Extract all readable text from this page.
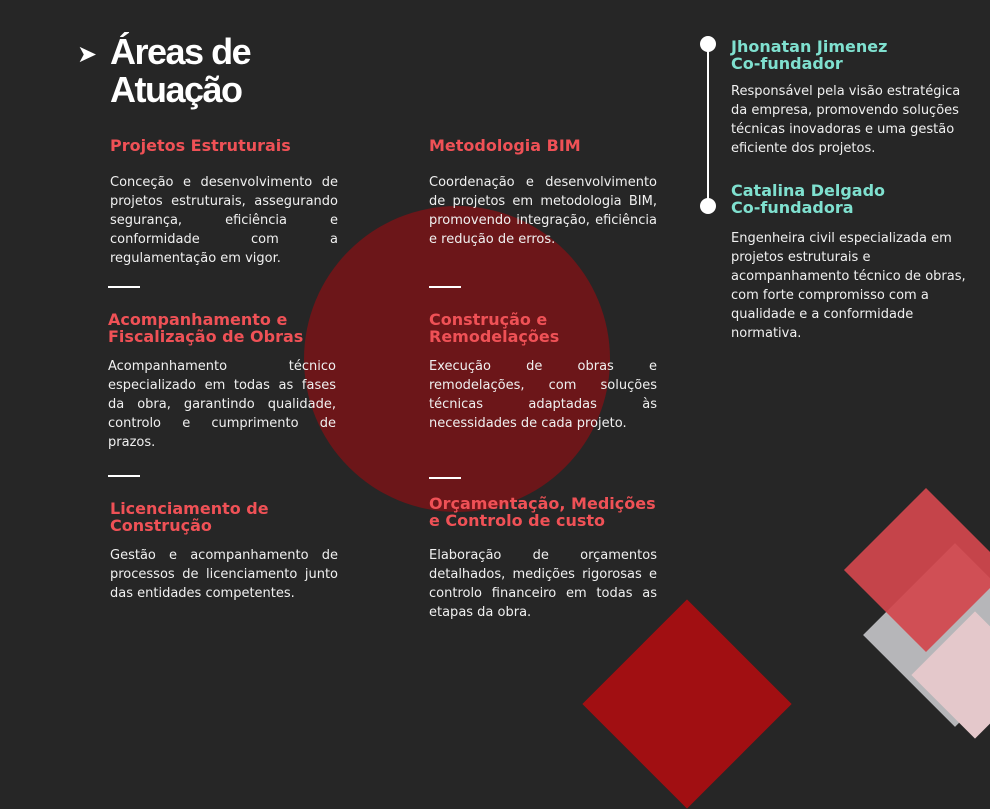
➤ Áreas de Atuação
Projetos Estruturais

Conceção e desenvolvimento de projetos estruturais, assegurando segurança, eficiência e conformidade com a regulamentação em vigor.

Acompanhamento e Fiscalização de Obras

Acompanhamento técnico especializado em todas as fases da obra, garantindo qualidade, controlo e cumprimento de prazos.

Licenciamento de Construção

Gestão e acompanhamento de processos de licenciamento junto das entidades competentes.

Metodologia BIM

Coordenação e desenvolvimento de projetos em metodologia BIM, promovendo integração, eficiência e redução de erros.

Construção e Remodelações

Execução de obras e remodelações, com soluções técnicas adaptadas às necessidades de cada projeto.

Orçamentação, Medições e Controlo de custo

Elaboração de orçamentos detalhados, medições rigorosas e controlo financeiro em todas as etapas da obra.

Jhonatan Jimenez
Co-fundador

Responsável pela visão estratégica da empresa, promovendo soluções técnicas inovadoras e uma gestão eficiente dos projetos.

Catalina Delgado
Co-fundadora

Engenheira civil especializada em projetos estruturais e acompanhamento técnico de obras, com forte compromisso com a qualidade e a conformidade normativa.
